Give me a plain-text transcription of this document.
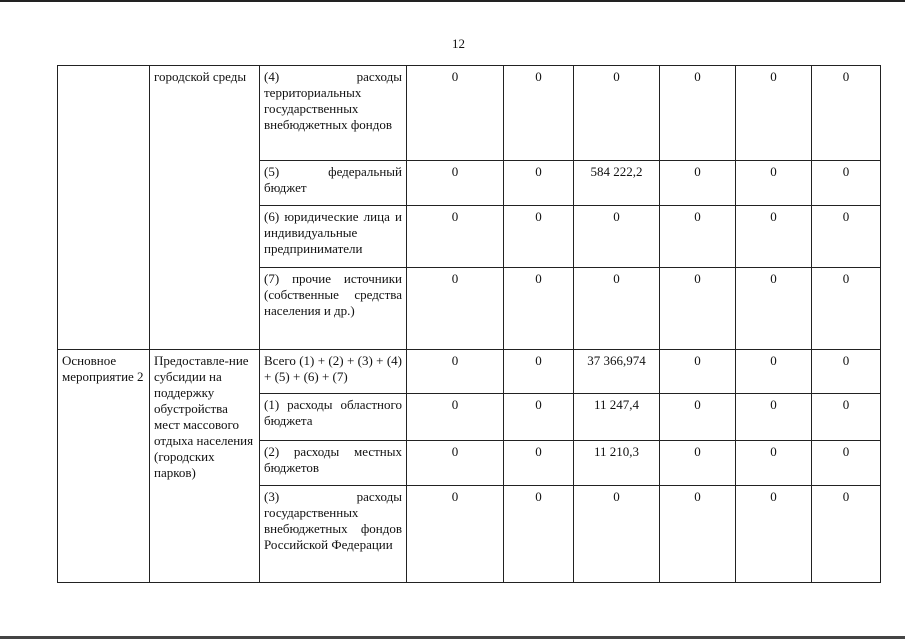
12
	городской среды	(4) расходы территориальных государственных внебюджетных фондов	0	0	0	0	0	0
		(5) федеральный бюджет	0	0	584 222,2	0	0	0
		(6) юридические лица и индивидуальные предприниматели	0	0	0	0	0	0
		(7) прочие источники (собственные средства населения и др.)	0	0	0	0	0	0
Основное мероприятие 2	Предоставле-ние субсидии на поддержку обустройства мест массового отдыха населения (городских парков)	Всего (1) + (2) + (3) + (4) + (5) + (6) + (7)	0	0	37 366,974	0	0	0
		(1) расходы областного бюджета	0	0	11 247,4	0	0	0
		(2) расходы местных бюджетов	0	0	11 210,3	0	0	0
		(3) расходы государственных внебюджетных фондов Российской Федерации	0	0	0	0	0	0
